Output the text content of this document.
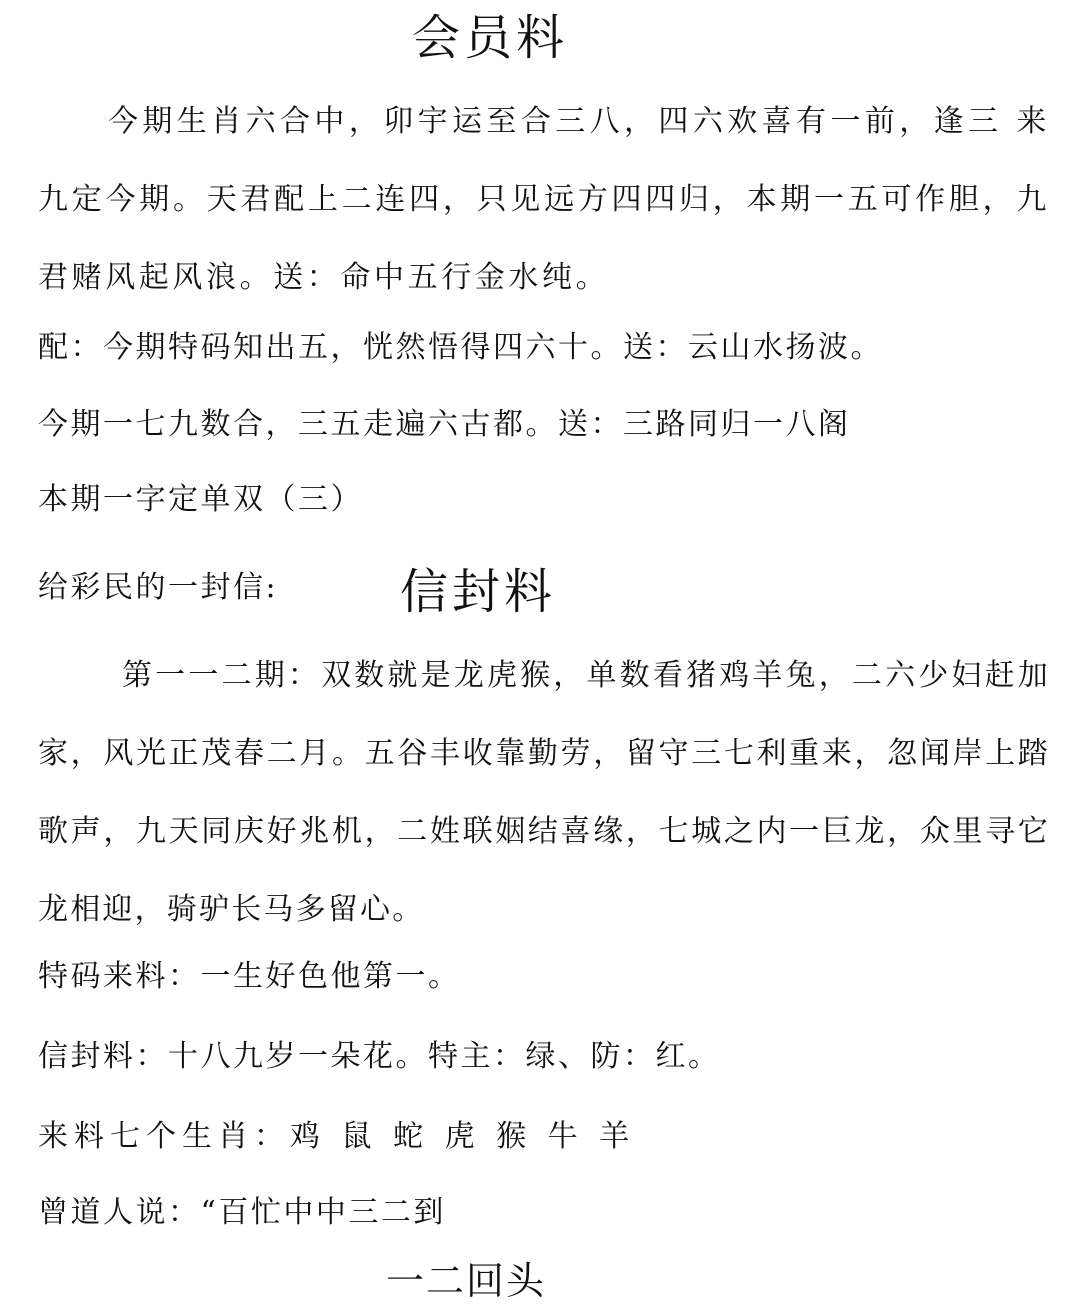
会员料
今期生肖六合中，卯宇运至合三八，四六欢喜有一前，逢三 来九定今期。天君配上二连四，只见远方四四归，本期一五可作胆，九君赌风起风浪。送：命中五行金水纯。
配：今期特码知出五，恍然悟得四六十。送：云山水扬波。
今期一七九数合，三五走遍六古都。送：三路同归一八阁
本期一字定单双（三）
给彩民的一封信:	信封料
第一一二期：双数就是龙虎猴，单数看猪鸡羊兔，二六少妇赶加家，风光正茂春二月。五谷丰收靠勤劳，留守三七利重来，忽闻岸上踏歌声，九天同庆好兆机，二姓联姻结喜缘，七城之内一巨龙，众里寻它龙相迎，骑驴长马多留心。
特码来料：一生好色他第一。
信封料：十八九岁一朵花。特主：绿、防：红。
来料七个生肖：鸡 鼠 蛇 虎 猴 牛 羊
曾道人说：“百忙中中三二到
一二回头
